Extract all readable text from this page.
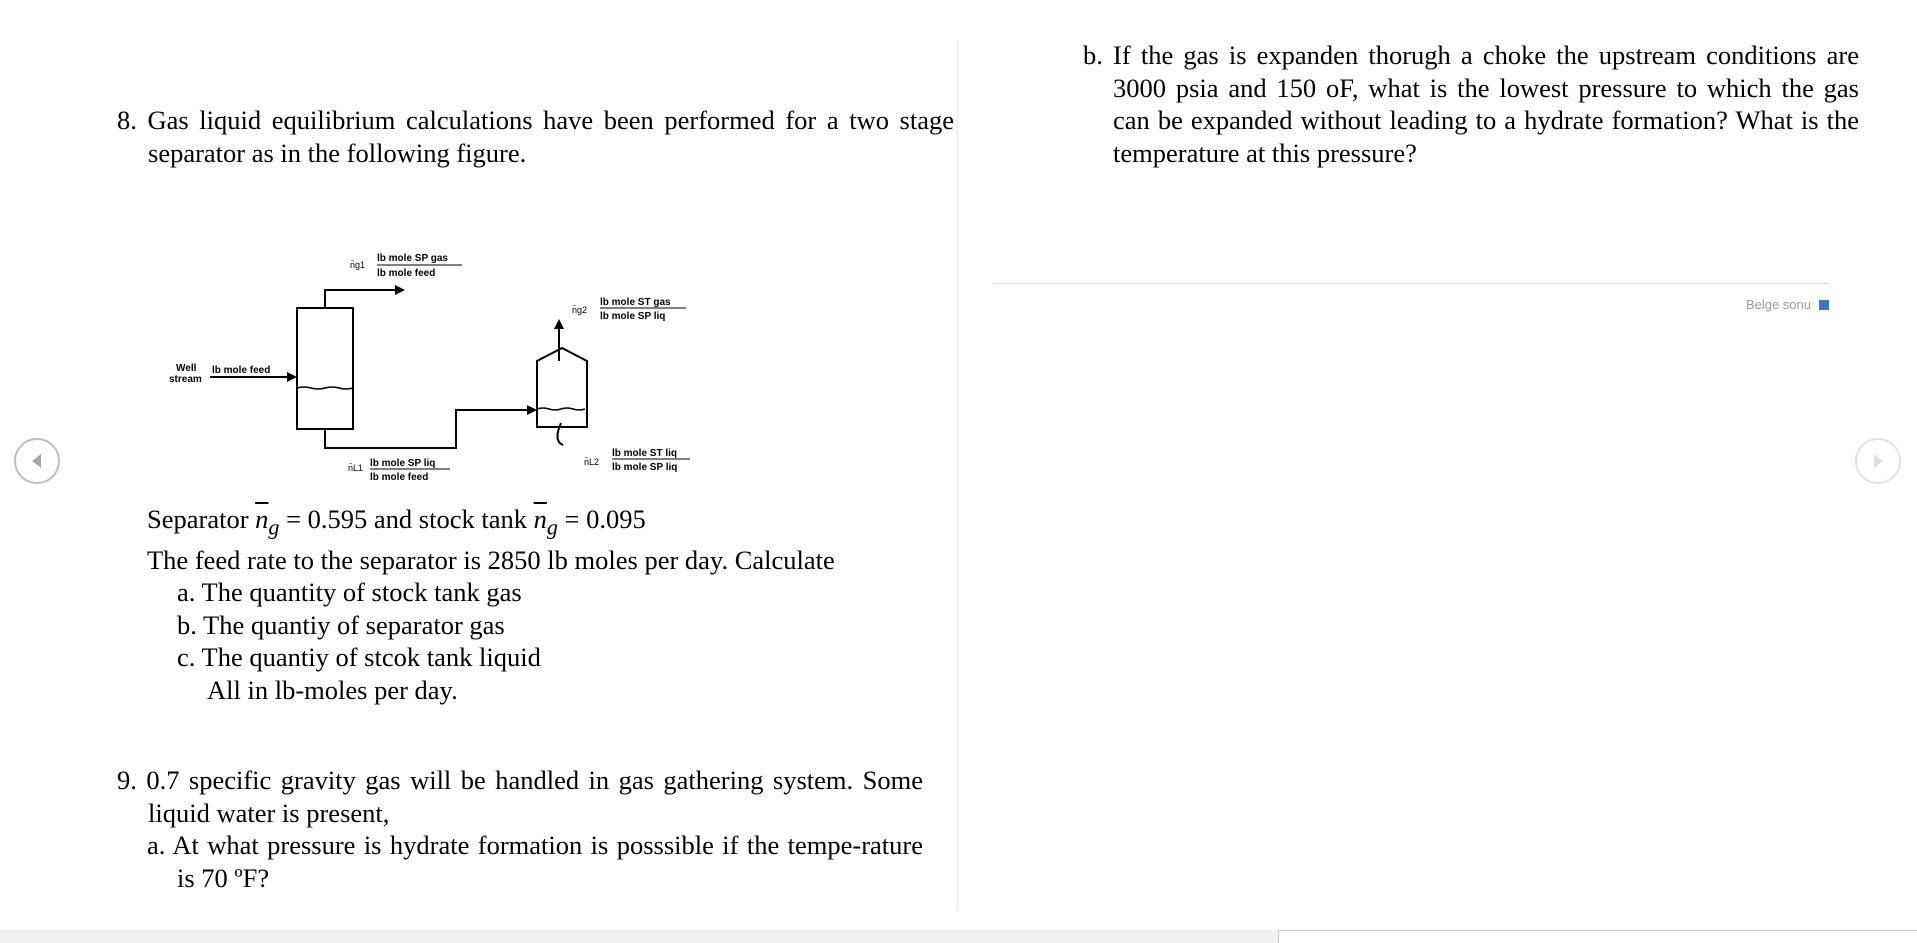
8. Gas liquid equilibrium calculations have been performed for a two stage separator as in the following figure.
n̄g1
lb mole SP gas
lb mole feed
n̄g2
lb mole ST gas
lb mole SP liq
Well
stream
lb mole feed
n̄L1 lb mole SP liq
lb mole feed
n̄L2
lb mole ST liq
lb mole SP liq
Separator $\overline{n}_g = 0.595$ and stock tank $\overline{n}_g = 0.095$
The feed rate to the separator is 2850 lb moles per day. Calculate
a. The quantity of stock tank gas
b. The quantiy of separator gas
c. The quantiy of stcok tank liquid
All in lb-moles per day.
9. 0.7 specific gravity gas will be handled in gas gathering system. Some liquid water is present,
a. At what pressure is hydrate formation is posssible if the tempe-rature is 70 ºF?
b. If the gas is expanden thorugh a choke the upstream conditions are 3000 psia and 150 oF, what is the lowest pressure to which the gas can be expanded without leading to a hydrate formation? What is the temperature at this pressure?
Belge sonu
